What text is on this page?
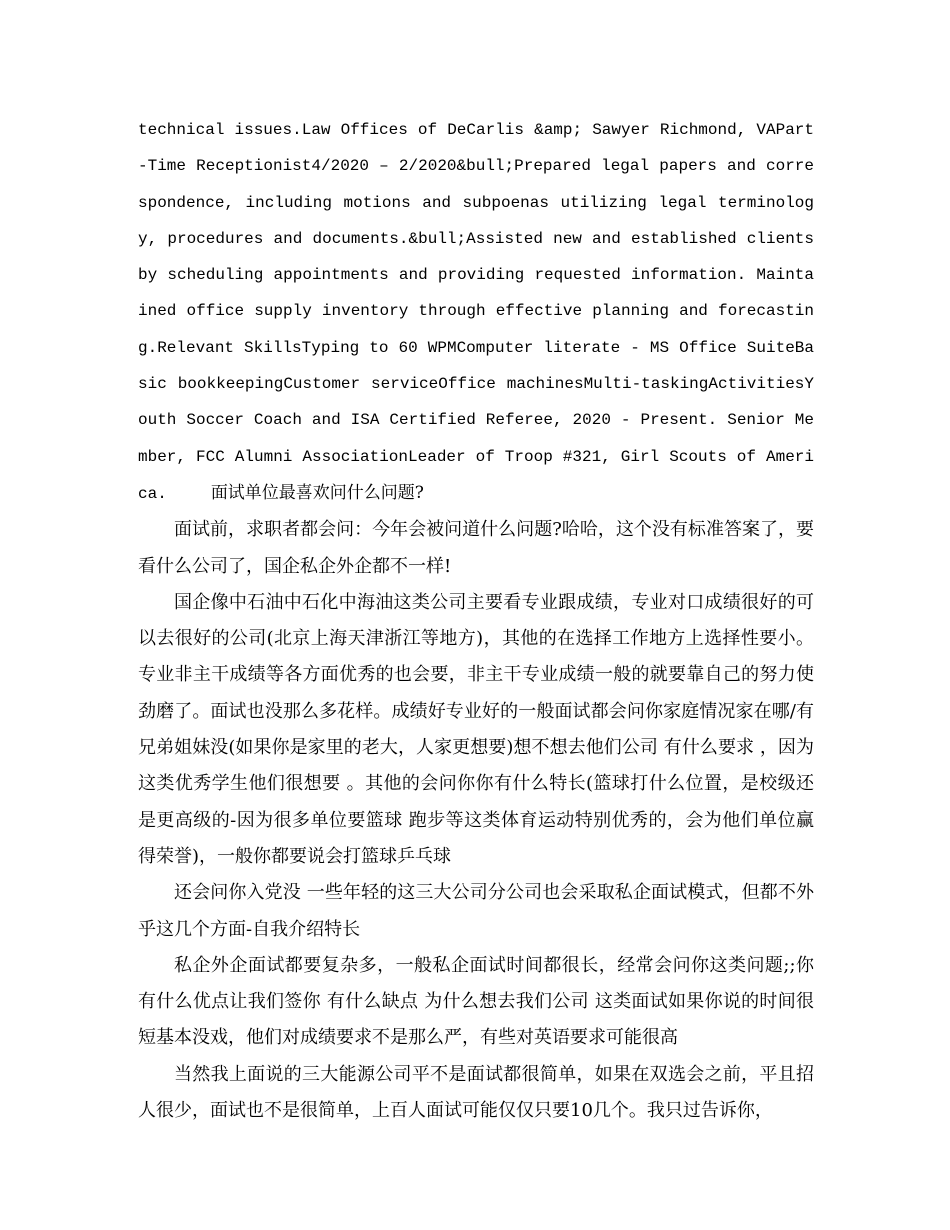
technical issues.Law Offices of DeCarlis &amp; Sawyer Richmond, VAPart-Time Receptionist4/2020 – 2/2020&bull;Prepared legal papers and correspondence, including motions and subpoenas utilizing legal terminology, procedures and documents.&bull;Assisted new and established clients by scheduling appointments and providing requested information. Maintained office supply inventory through effective planning and forecasting.Relevant SkillsTyping to 60 WPMComputer literate - MS Office SuiteBasic bookkeepingCustomer serviceOffice machinesMulti-taskingActivitiesYouth Soccer Coach and ISA Certified Referee, 2020 - Present. Senior Member, FCC Alumni AssociationLeader of Troop #321, Girl Scouts of America.	面试单位最喜欢问什么问题?

面试前，求职者都会问：今年会被问道什么问题?哈哈，这个没有标准答案了，要看什么公司了，国企私企外企都不一样!

国企像中石油中石化中海油这类公司主要看专业跟成绩，专业对口成绩很好的可以去很好的公司(北京上海天津浙江等地方)，其他的在选择工作地方上选择性要小。专业非主干成绩等各方面优秀的也会要，非主干专业成绩一般的就要靠自己的努力使劲磨了。面试也没那么多花样。成绩好专业好的一般面试都会问你家庭情况家在哪/有兄弟姐妹没(如果你是家里的老大，人家更想要)想不想去他们公司 有什么要求 ，因为这类优秀学生他们很想要 。其他的会问你你有什么特长(篮球打什么位置，是校级还是更高级的-因为很多单位要篮球 跑步等这类体育运动特别优秀的，会为他们单位赢得荣誉)，一般你都要说会打篮球乒乓球

还会问你入党没 一些年轻的这三大公司分公司也会采取私企面试模式，但都不外乎这几个方面-自我介绍特长

私企外企面试都要复杂多，一般私企面试时间都很长，经常会问你这类问题;;你有什么优点让我们签你 有什么缺点 为什么想去我们公司 这类面试如果你说的时间很短基本没戏，他们对成绩要求不是那么严，有些对英语要求可能很高

当然我上面说的三大能源公司平不是面试都很简单，如果在双选会之前，平且招人很少，面试也不是很简单，上百人面试可能仅仅只要10几个。我只过告诉你，
